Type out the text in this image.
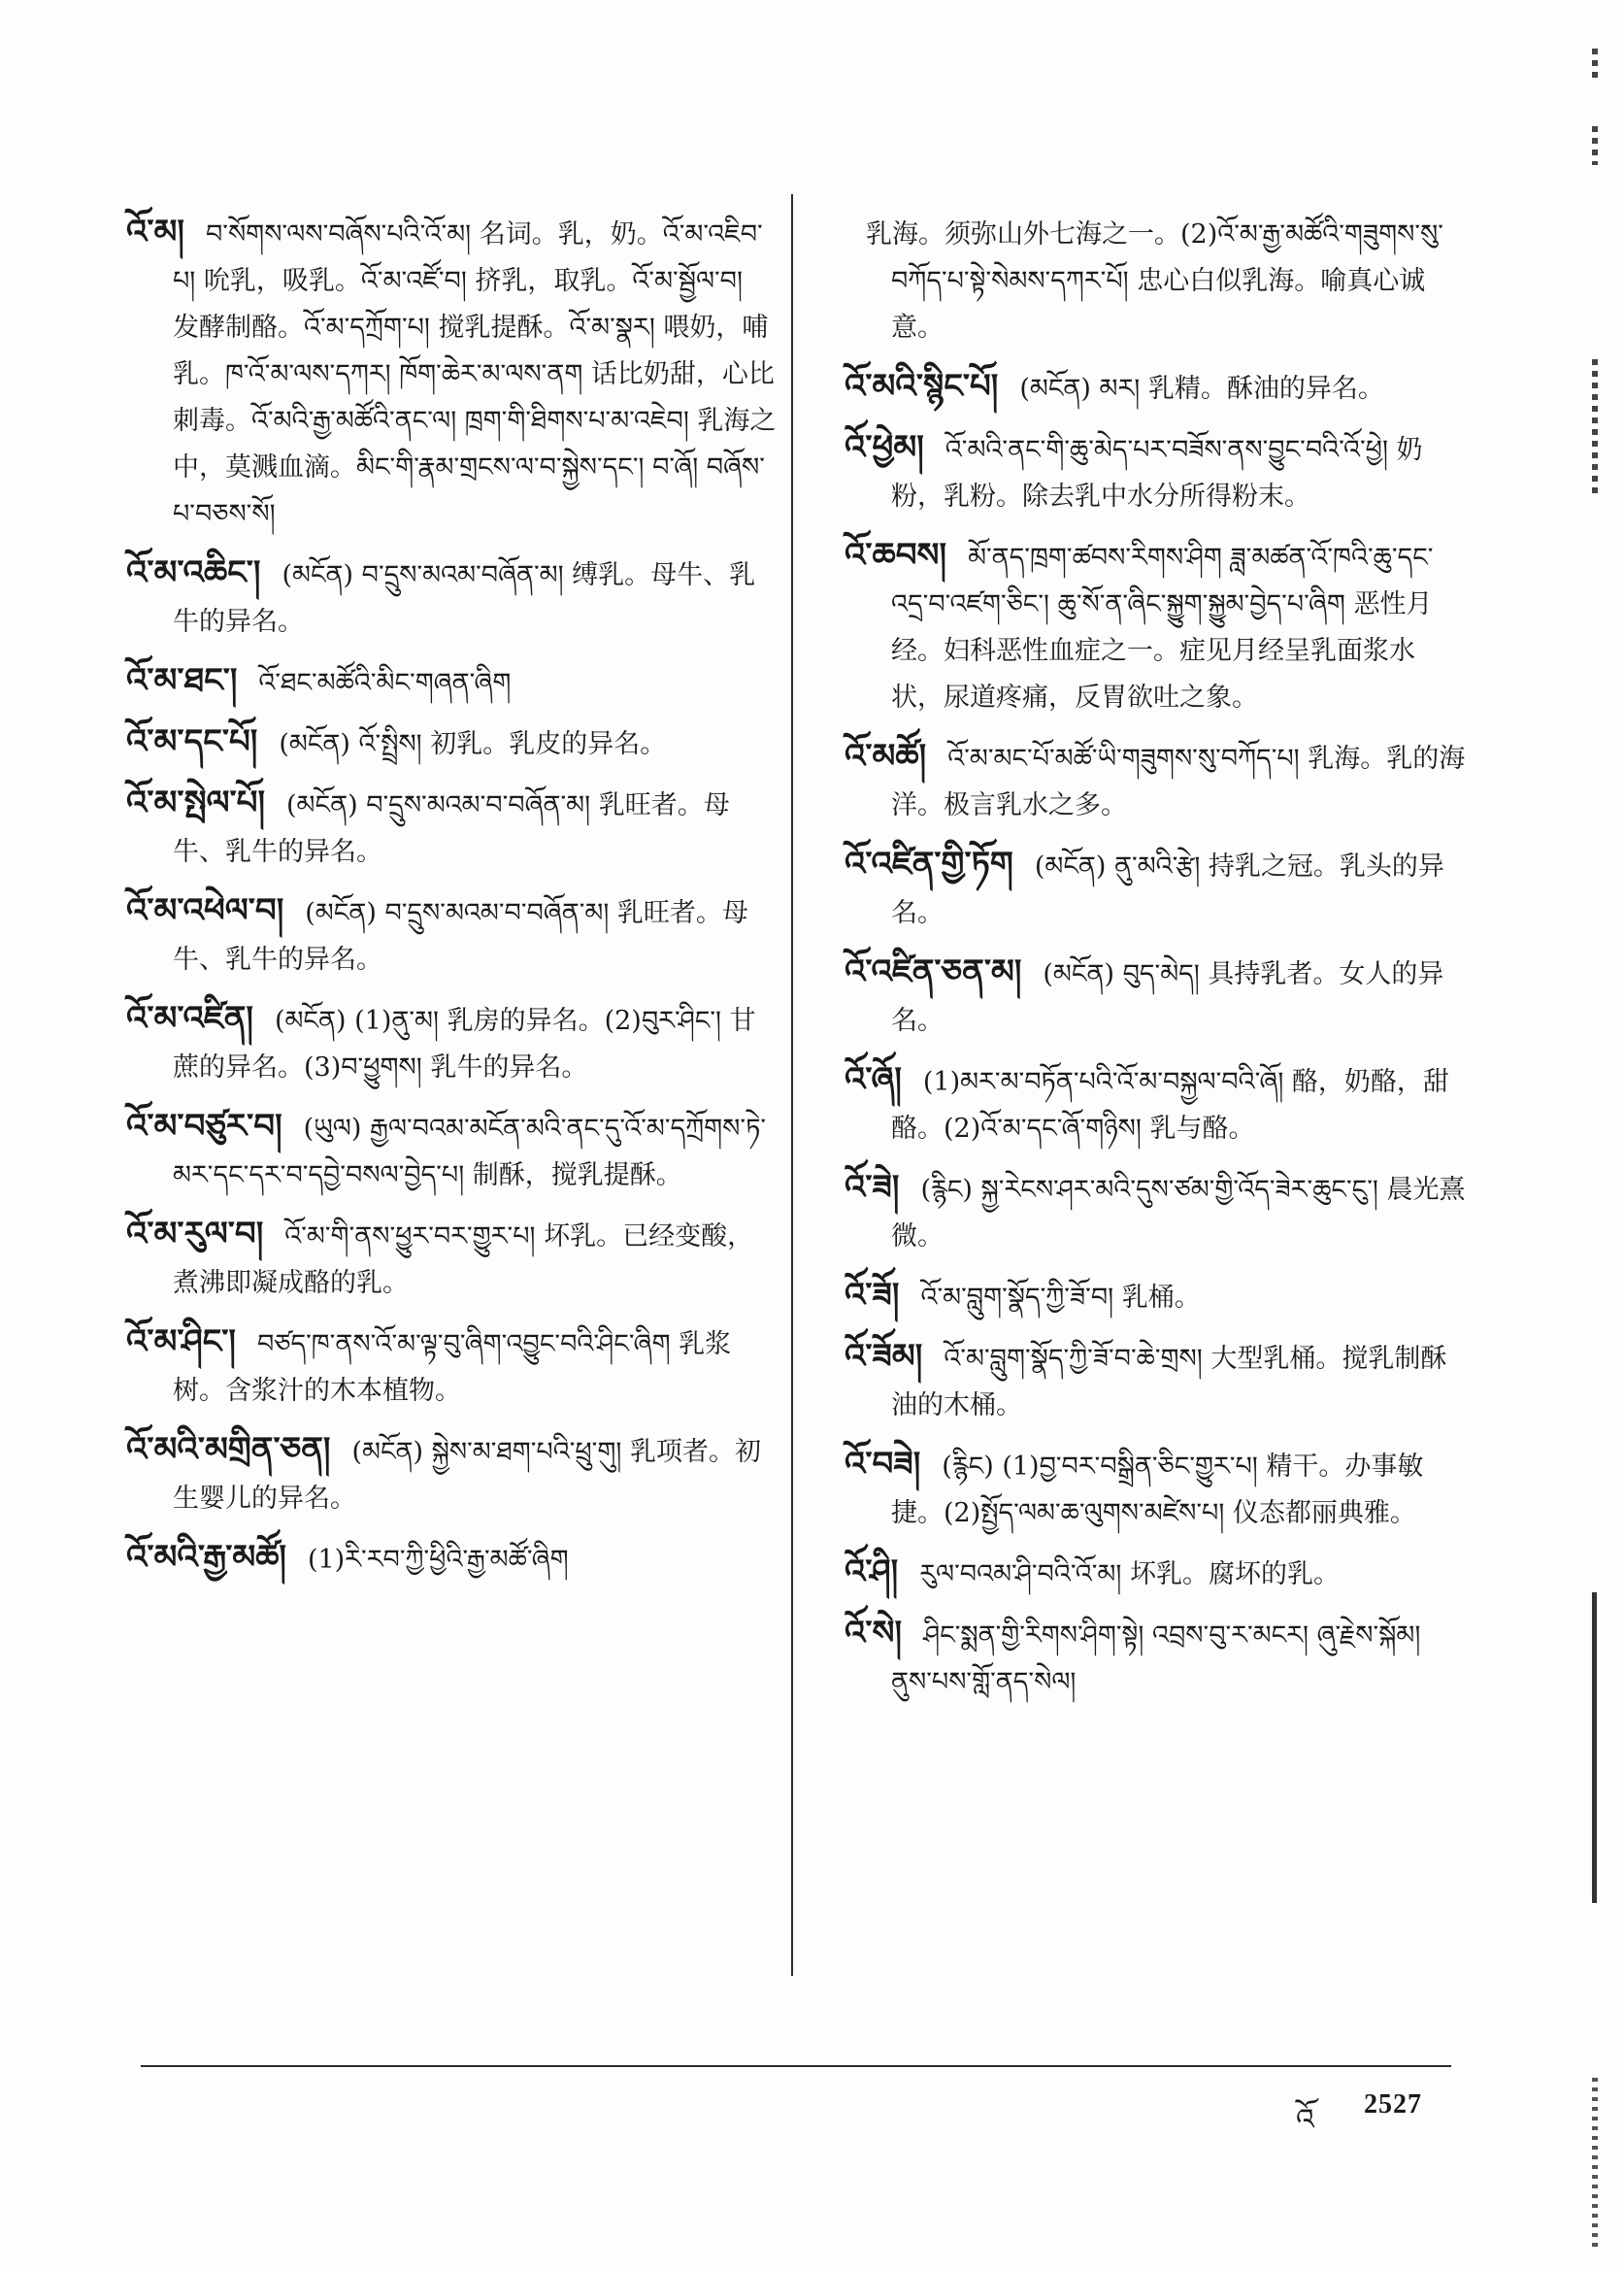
འོ་མ། བ་སོགས་ལས་བཞོས་པའི་འོ་མ། 名词。乳，奶。འོ་མ་འཇིབ་པ། 吮乳，吸乳。འོ་མ་འཛོ་བ། 挤乳，取乳。འོ་མ་སྦྱོལ་བ། 发酵制酪。འོ་མ་དཀྲོག་པ། 搅乳提酥。འོ་མ་སྣར། 喂奶，哺乳。ཁ་འོ་མ་ལས་དཀར། ཁོག་ཆེར་མ་ལས་ནག 话比奶甜，心比刺毒。འོ་མའི་རྒྱ་མཚོའི་ནང་ལ། ཁྲག་གི་ཐིགས་པ་མ་འཇེབ། 乳海之中，莫溅血滴。མིང་གི་རྣམ་གྲངས་ལ་བ་སྐྱེས་དང་། བ་ཞོ། བཞོས་པ་བཅས་སོ།

འོ་མ་འཆིང་། (མངོན) བ་དྲུས་མའམ་བཞོན་མ། 缚乳。母牛、乳牛的异名。

འོ་མ་ཐང་། འོ་ཐང་མཚོའི་མིང་གཞན་ཞིག

འོ་མ་དང་པོ། (མངོན) འོ་སྤྲིས། 初乳。乳皮的异名。

འོ་མ་སྤེལ་པོ། (མངོན) བ་དྲུས་མའམ་བ་བཞོན་མ། 乳旺者。母牛、乳牛的异名。

འོ་མ་འཕེལ་བ། (མངོན) བ་དྲུས་མའམ་བ་བཞོན་མ། 乳旺者。母牛、乳牛的异名。

འོ་མ་འཛིན། (མངོན) (1)ནུ་མ། 乳房的异名。(2)བུར་ཤིང་། 甘蔗的异名。(3)བ་ཕྱུགས། 乳牛的异名。

འོ་མ་བཙུར་བ། (ཡུལ) རྒྱལ་བའམ་མངོན་མའི་ནང་དུ་འོ་མ་དཀྲོགས་ཏེ་མར་དང་དར་བ་དབྱེ་བསལ་བྱེད་པ། 制酥，搅乳提酥。

འོ་མ་རུལ་བ། འོ་མ་གི་ནས་ཕྱུར་བར་གྱུར་པ། 坏乳。已经变酸，煮沸即凝成酪的乳。

འོ་མ་ཤིང་། བཙད་ཁ་ནས་འོ་མ་ལྟ་བུ་ཞིག་འབྱུང་བའི་ཤིང་ཞིག 乳浆树。含浆汁的木本植物。

འོ་མའི་མགྲིན་ཅན། (མངོན) སྐྱེས་མ་ཐག་པའི་ཕྲུ་གུ། 乳项者。初生婴儿的异名。

འོ་མའི་རྒྱ་མཚོ། (1)རི་རབ་ཀྱི་ཕྱིའི་རྒྱ་མཚོ་ཞིག

乳海。须弥山外七海之一。(2)འོ་མ་རྒྱ་མཚོའི་གཟུགས་སུ་བཀོད་པ་སྟེ་སེམས་དཀར་པོ། 忠心白似乳海。喻真心诚意。

འོ་མའི་སྙིང་པོ། (མངོན) མར། 乳精。酥油的异名。

འོ་ཕྱེམ། འོ་མའི་ནང་གི་ཆུ་མེད་པར་བཟོས་ནས་བྱུང་བའི་འོ་ཕྱེ། 奶粉，乳粉。除去乳中水分所得粉末。

འོ་ཆབས། མོ་ནད་ཁྲག་ཚབས་རིགས་ཤིག ཟླ་མཚན་འོ་ཁའི་ཆུ་དང་འདྲ་བ་འཛག་ཅིང་། ཆུ་སོ་ན་ཞིང་སྐྱུག་སྐྱུམ་བྱེད་པ་ཞིག 恶性月经。妇科恶性血症之一。症见月经呈乳面浆水状，尿道疼痛，反胃欲吐之象。

འོ་མཚོ། འོ་མ་མང་པོ་མཚོ་ཡི་གཟུགས་སུ་བཀོད་པ། 乳海。乳的海洋。极言乳水之多。

འོ་འཛིན་གྱི་ཏོག (མངོན) ནུ་མའི་རྩེ། 持乳之冠。乳头的异名。

འོ་འཛིན་ཅན་མ། (མངོན) བུད་མེད། 具持乳者。女人的异名。

འོ་ཞོ། (1)མར་མ་བཏོན་པའི་འོ་མ་བསྐྱལ་བའི་ཞོ། 酪，奶酪，甜酪。(2)འོ་མ་དང་ཞོ་གཉིས། 乳与酪。

འོ་ཟེ། (རྙིང) སྐྱ་རེངས་ཤར་མའི་དུས་ཙམ་གྱི་འོད་ཟེར་ཆུང་ངུ་། 晨光熹微。

འོ་ཟོ། འོ་མ་བླུག་སྣོད་ཀྱི་ཟོ་བ། 乳桶。

འོ་ཟོམ། འོ་མ་བླུག་སྣོད་ཀྱི་ཟོ་བ་ཆེ་གྲས། 大型乳桶。搅乳制酥油的木桶。

འོ་བཟེ། (རྙིང) (1)བྱ་བར་བསྒྲིན་ཅིང་གྱུར་པ། 精干。办事敏捷。(2)སྤྱོད་ལམ་ཆ་ལུགས་མཛེས་པ། 仪态都丽典雅。

འོ་ཤི། རུལ་བའམ་ཤི་བའི་འོ་མ། 坏乳。腐坏的乳。

འོ་སེ། ཤིང་སྨན་གྱི་རིགས་ཤིག་སྟེ། འབྲས་བུ་ཪ་མངར། ཞུ་རྗེས་སྐོམ། ནུས་པས་གློ་ནད་སེལ།

འོ 2527
